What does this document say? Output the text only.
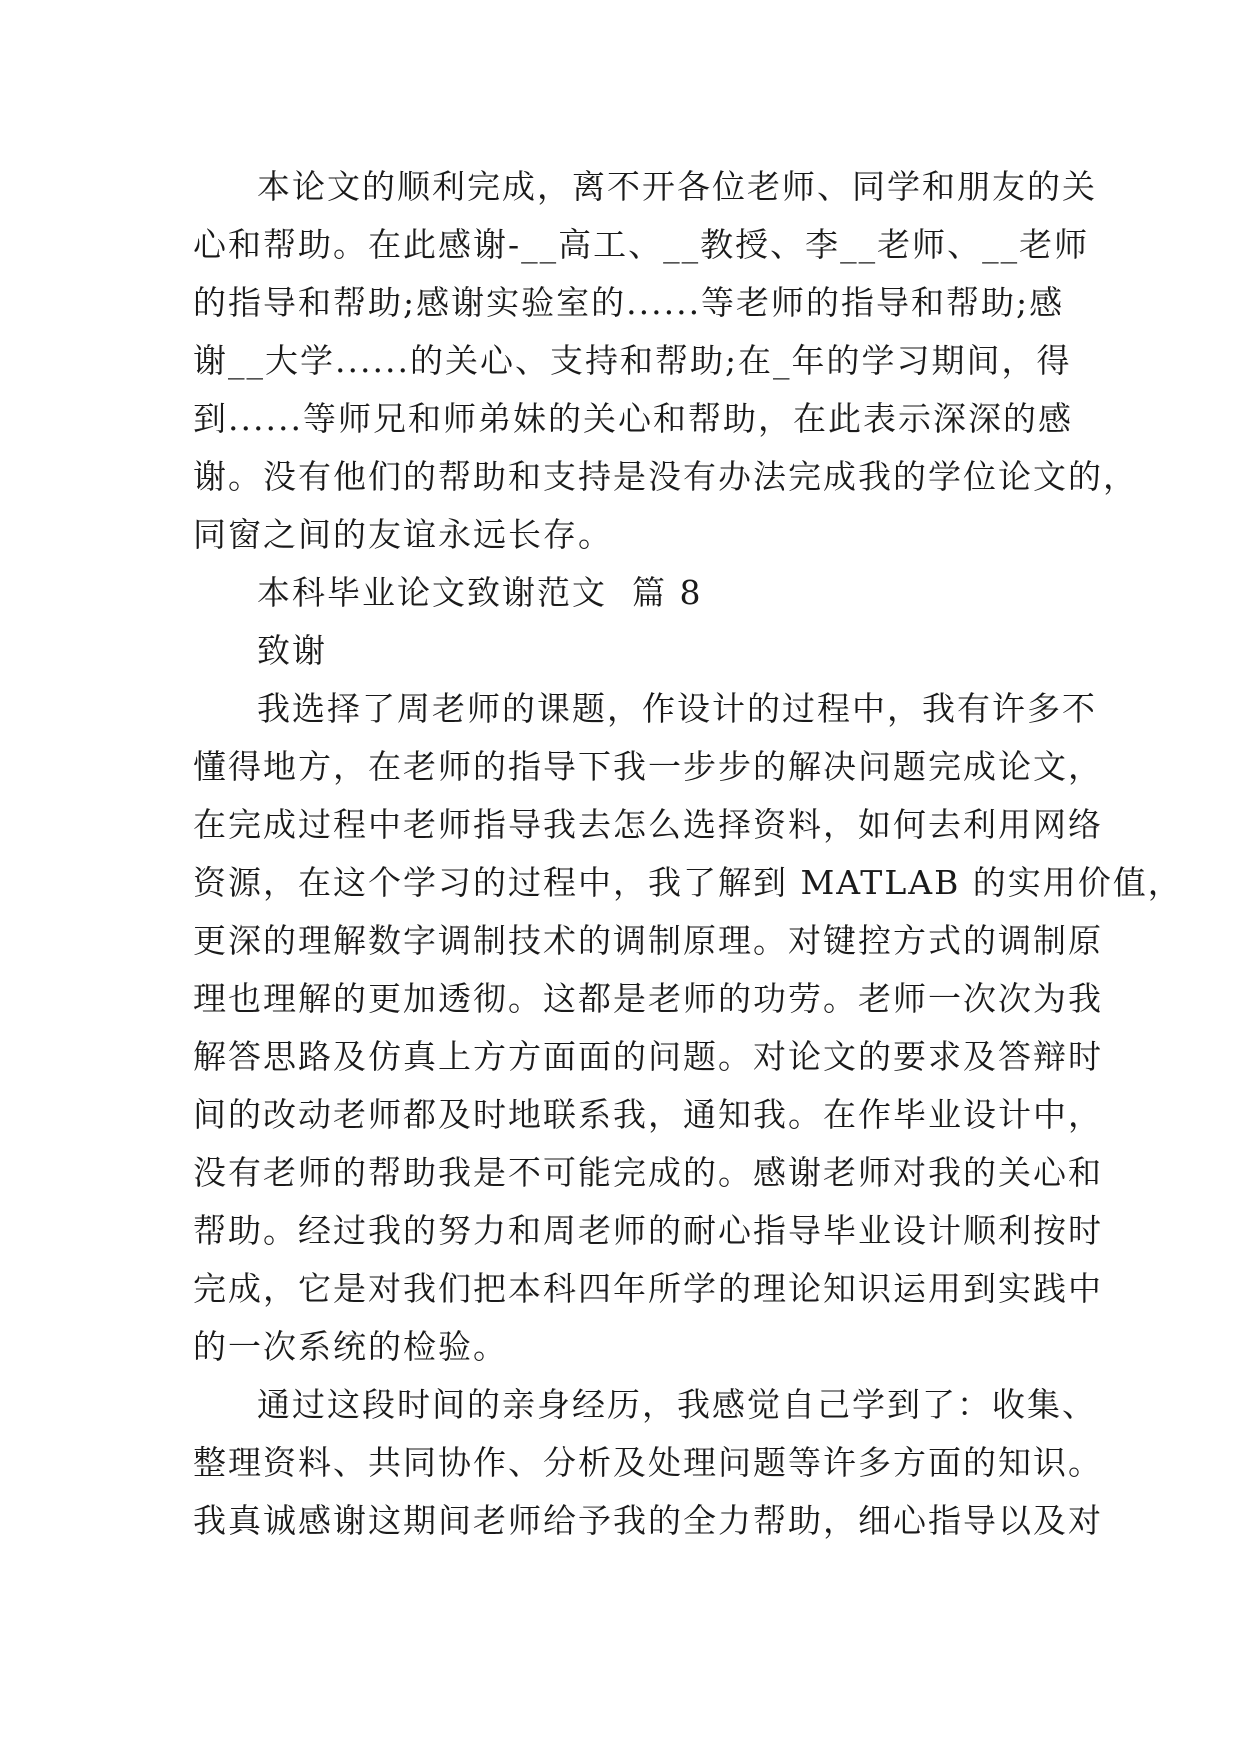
本论文的顺利完成，离不开各位老师、同学和朋友的关
心和帮助。在此感谢-__高工、__教授、李__老师、__老师
的指导和帮助;感谢实验室的......等老师的指导和帮助;感
谢__大学......的关心、支持和帮助;在_年的学习期间，得
到......等师兄和师弟妹的关心和帮助，在此表示深深的感
谢。没有他们的帮助和支持是没有办法完成我的学位论文的，
同窗之间的友谊永远长存。
本科毕业论文致谢范文  篇 8
致谢
我选择了周老师的课题，作设计的过程中，我有许多不
懂得地方，在老师的指导下我一步步的解决问题完成论文，
在完成过程中老师指导我去怎么选择资料，如何去利用网络
资源，在这个学习的过程中，我了解到 MATLAB 的实用价值，
更深的理解数字调制技术的调制原理。对键控方式的调制原
理也理解的更加透彻。这都是老师的功劳。老师一次次为我
解答思路及仿真上方方面面的问题。对论文的要求及答辩时
间的改动老师都及时地联系我，通知我。在作毕业设计中，
没有老师的帮助我是不可能完成的。感谢老师对我的关心和
帮助。经过我的努力和周老师的耐心指导毕业设计顺利按时
完成，它是对我们把本科四年所学的理论知识运用到实践中
的一次系统的检验。
通过这段时间的亲身经历，我感觉自己学到了：收集、
整理资料、共同协作、分析及处理问题等许多方面的知识。
我真诚感谢这期间老师给予我的全力帮助，细心指导以及对
